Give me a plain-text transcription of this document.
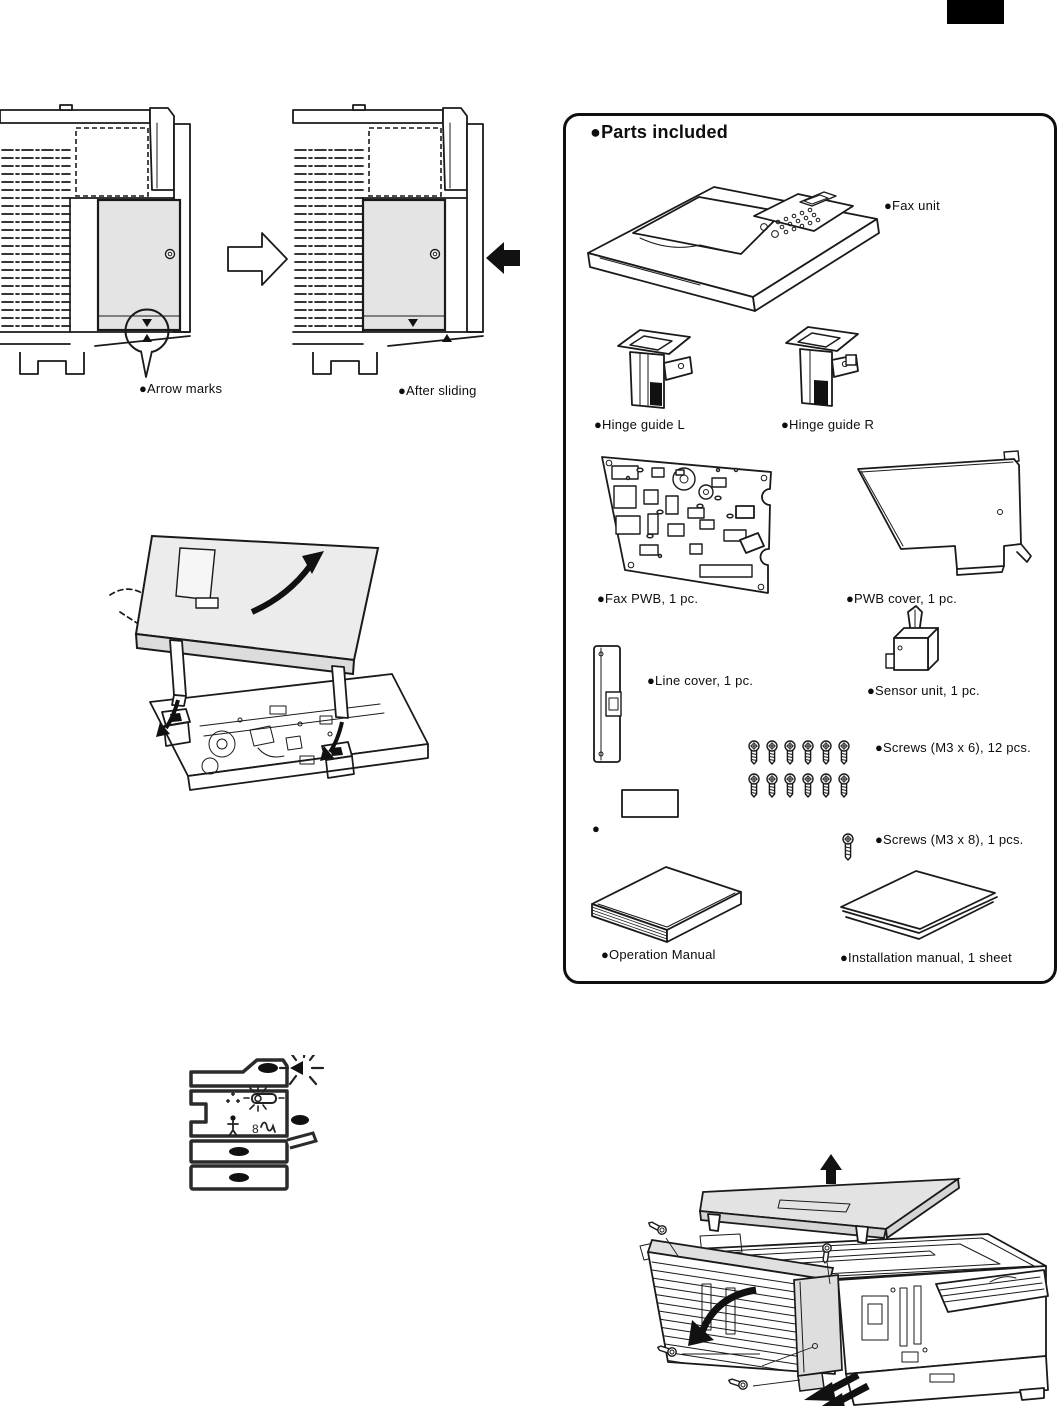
●Arrow marks	●After sliding
●Parts included
●Fax unit
●Hinge guide L	●Hinge guide R
●Fax PWB, 1 pc.	●PWB cover, 1 pc.
●Line cover, 1 pc.
●Sensor unit, 1 pc.
●Screws (M3 x 6), 12 pcs.
●
●Screws (M3 x 8), 1 pcs.
●Operation Manual	●Installation manual, 1 sheet
8
